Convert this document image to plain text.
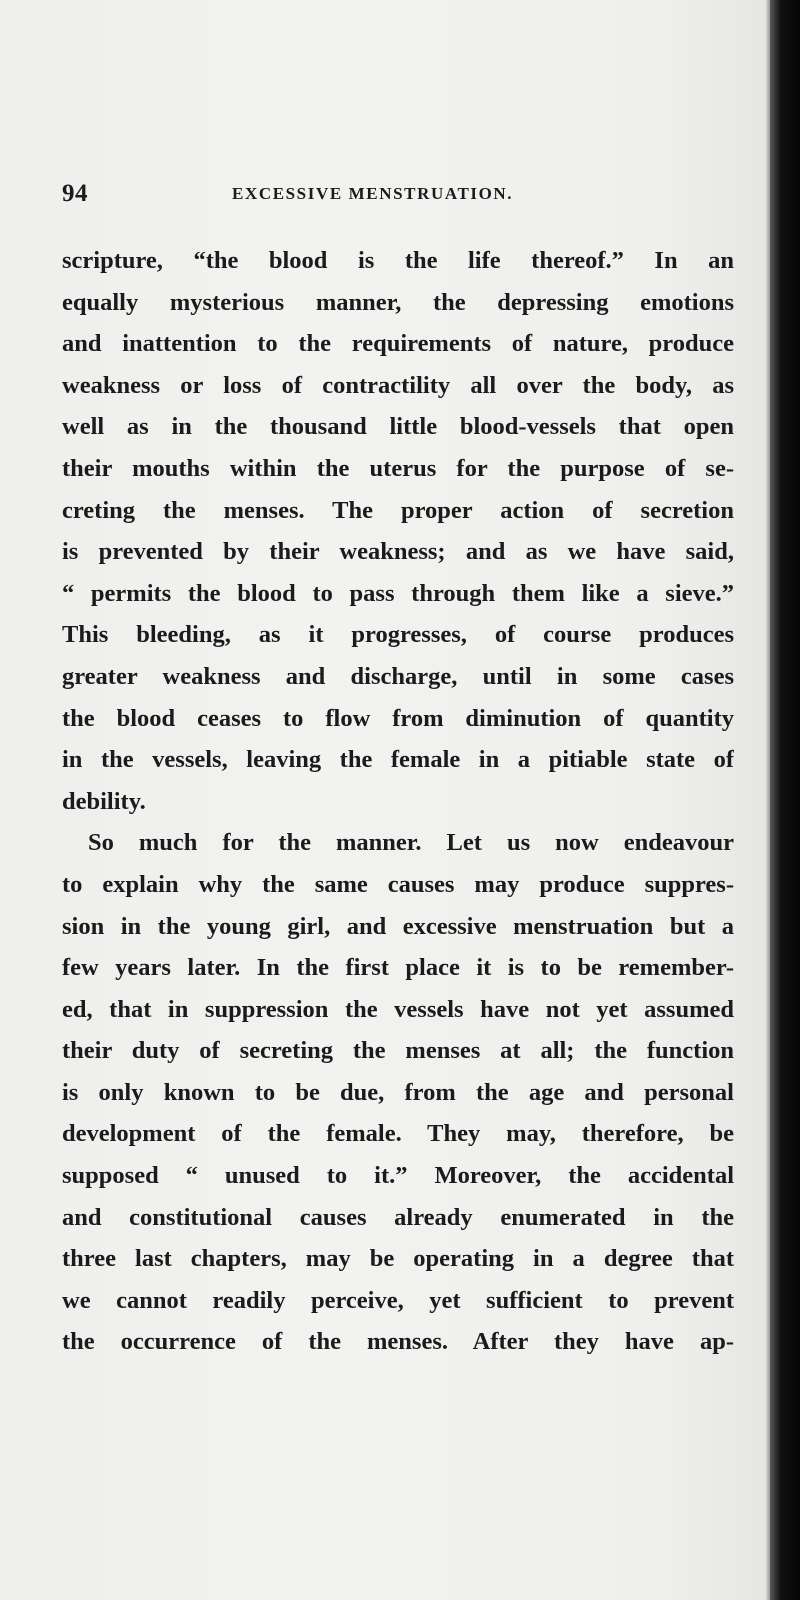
94	EXCESSIVE MENSTRUATION.
scripture, “the blood is the life thereof.” In an
equally mysterious manner, the depressing emotions
and inattention to the requirements of nature, produce
weakness or loss of contractility all over the body, as
well as in the thousand little blood-vessels that open
their mouths within the uterus for the purpose of se-
creting the menses. The proper action of secretion
is prevented by their weakness; and as we have said,
“ permits the blood to pass through them like a sieve.”
This bleeding, as it progresses, of course produces
greater weakness and discharge, until in some cases
the blood ceases to flow from diminution of quantity
in the vessels, leaving the female in a pitiable state of
debility.
So much for the manner. Let us now endeavour
to explain why the same causes may produce suppres-
sion in the young girl, and excessive menstruation but a
few years later. In the first place it is to be remember-
ed, that in suppression the vessels have not yet assumed
their duty of secreting the menses at all; the function
is only known to be due, from the age and personal
development of the female. They may, therefore, be
supposed “ unused to it.” Moreover, the accidental
and constitutional causes already enumerated in the
three last chapters, may be operating in a degree that
we cannot readily perceive, yet sufficient to prevent
the occurrence of the menses. After they have ap-
